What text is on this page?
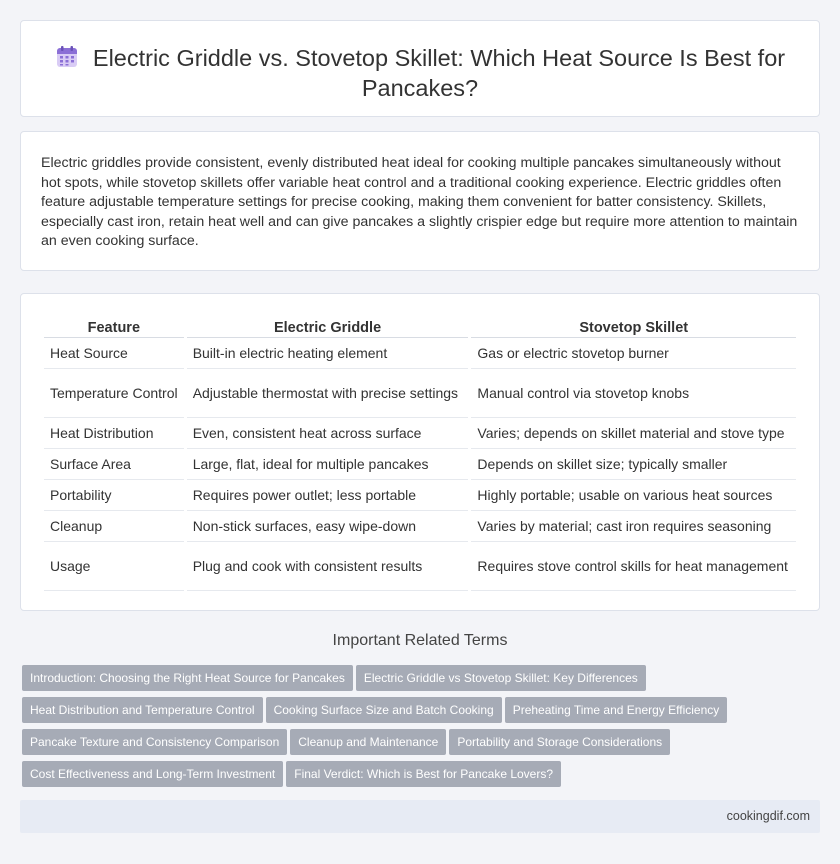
Electric Griddle vs. Stovetop Skillet: Which Heat Source Is Best for Pancakes?

Electric griddles provide consistent, evenly distributed heat ideal for cooking multiple pancakes simultaneously without hot spots, while stovetop skillets offer variable heat control and a traditional cooking experience. Electric griddles often feature adjustable temperature settings for precise cooking, making them convenient for batter consistency. Skillets, especially cast iron, retain heat well and can give pancakes a slightly crispier edge but require more attention to maintain an even cooking surface.

Feature	Electric Griddle	Stovetop Skillet
Heat Source	Built-in electric heating element	Gas or electric stovetop burner
Temperature Control	Adjustable thermostat with precise settings	Manual control via stovetop knobs
Heat Distribution	Even, consistent heat across surface	Varies; depends on skillet material and stove type
Surface Area	Large, flat, ideal for multiple pancakes	Depends on skillet size; typically smaller
Portability	Requires power outlet; less portable	Highly portable; usable on various heat sources
Cleanup	Non-stick surfaces, easy wipe-down	Varies by material; cast iron requires seasoning
Usage	Plug and cook with consistent results	Requires stove control skills for heat management
Important Related Terms
Introduction: Choosing the Right Heat Source for Pancakes Electric Griddle vs Stovetop Skillet: Key Differences
Heat Distribution and Temperature Control Cooking Surface Size and Batch Cooking Preheating Time and Energy Efficiency
Pancake Texture and Consistency Comparison Cleanup and Maintenance Portability and Storage Considerations
Cost Effectiveness and Long-Term Investment Final Verdict: Which is Best for Pancake Lovers?
cookingdif.com
